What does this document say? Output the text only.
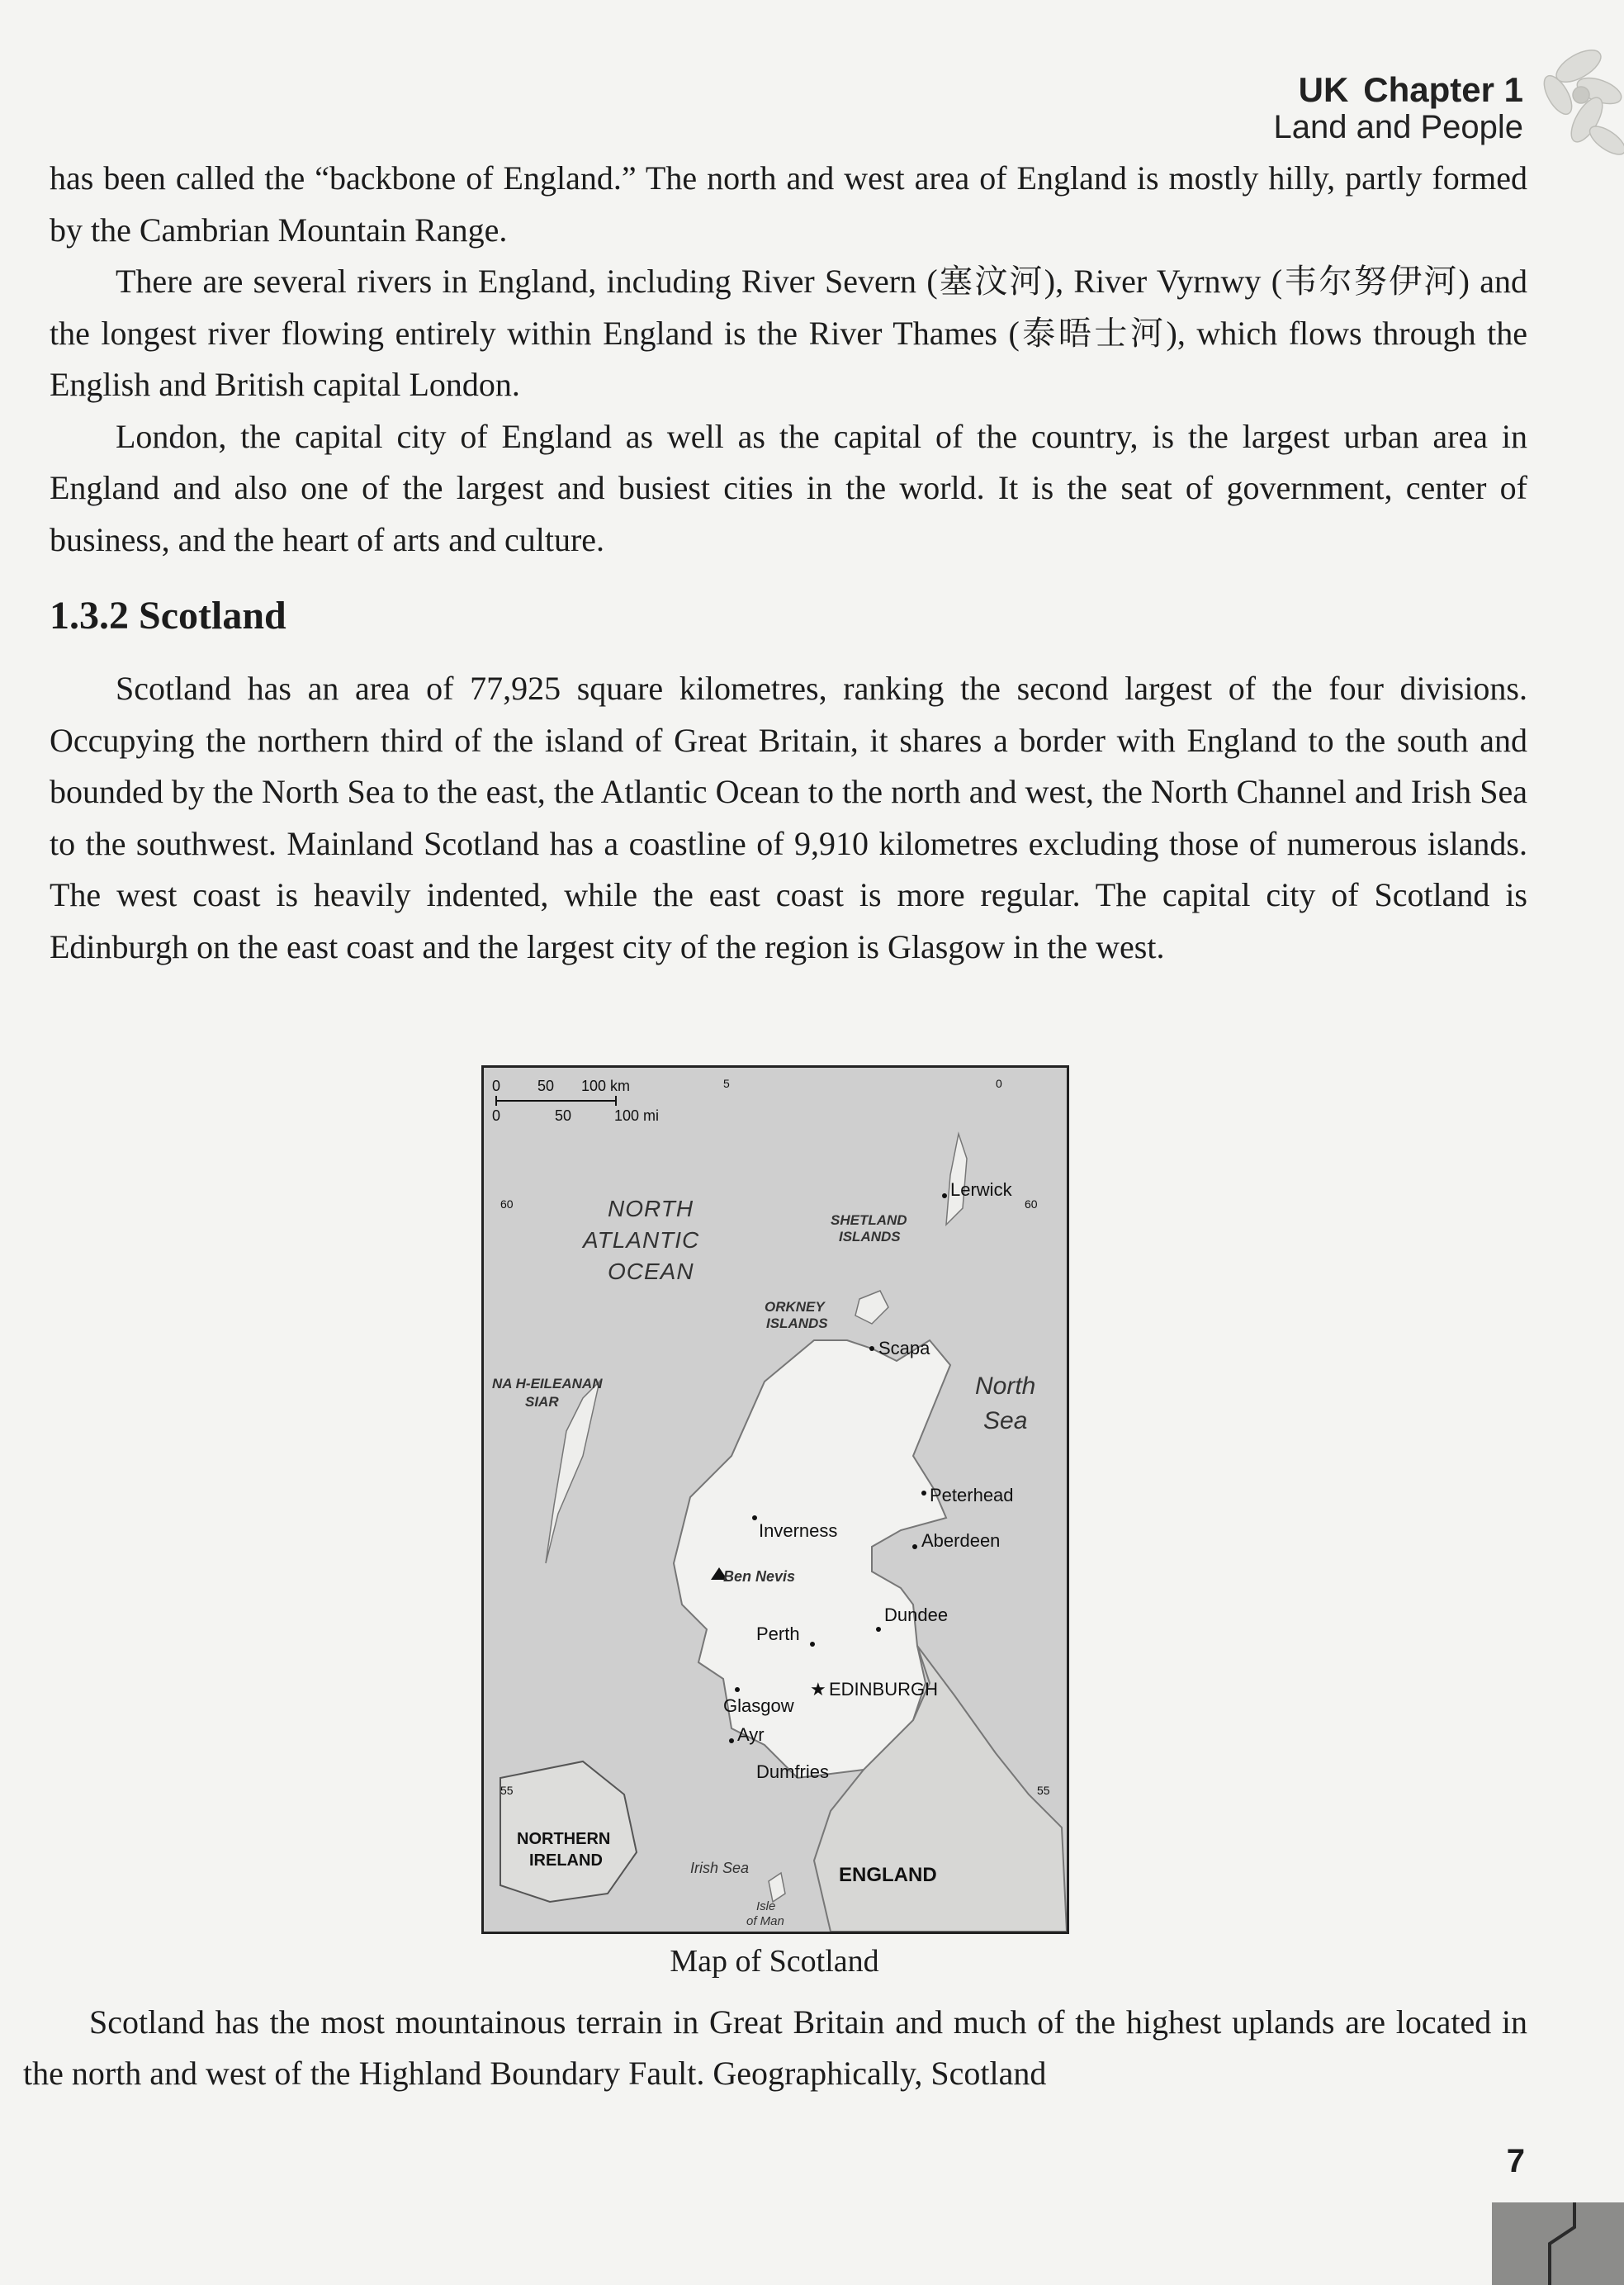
UK Chapter 1
Land and People

has been called the “backbone of England.” The north and west area of England is mostly hilly, partly formed by the Cambrian Mountain Range.

There are several rivers in England, including River Severn (塞汶河), River Vyrnwy (韦尔努伊河) and the longest river flowing entirely within England is the River Thames (泰晤士河), which flows through the English and British capital London.

London, the capital city of England as well as the capital of the country, is the largest urban area in England and also one of the largest and busiest cities in the world. It is the seat of government, center of business, and the heart of arts and culture.

1.3.2 Scotland

Scotland has an area of 77,925 square kilometres, ranking the second largest of the four divisions. Occupying the northern third of the island of Great Britain, it shares a border with England to the south and bounded by the North Sea to the east, the Atlantic Ocean to the north and west, the North Channel and Irish Sea to the southwest. Mainland Scotland has a coastline of 9,910 kilometres excluding those of numerous islands. The west coast is heavily indented, while the east coast is more regular. The capital city of Scotland is Edinburgh on the east coast and the largest city of the region is Glasgow in the west.

0 50 100 km
0	50	100 mi
5	0
60	60
55	55
NORTH
ATLANTIC
OCEAN
North
Sea
SHETLAND
ISLANDS
ORKNEY
ISLANDS
NA H-EILEANAN
SIAR
NORTHERN
IRELAND
ENGLAND
Irish Sea
Isle
of Man
Lerwick
Scapa
Peterhead
Inverness	Aberdeen
Ben Nevis
Dundee
Perth
Glasgow
★ EDINBURGH
Ayr
Dumfries
Map of Scotland

Scotland has the most mountainous terrain in Great Britain and much of the highest uplands are located in the north and west of the Highland Boundary Fault. Geographically, Scotland

7
